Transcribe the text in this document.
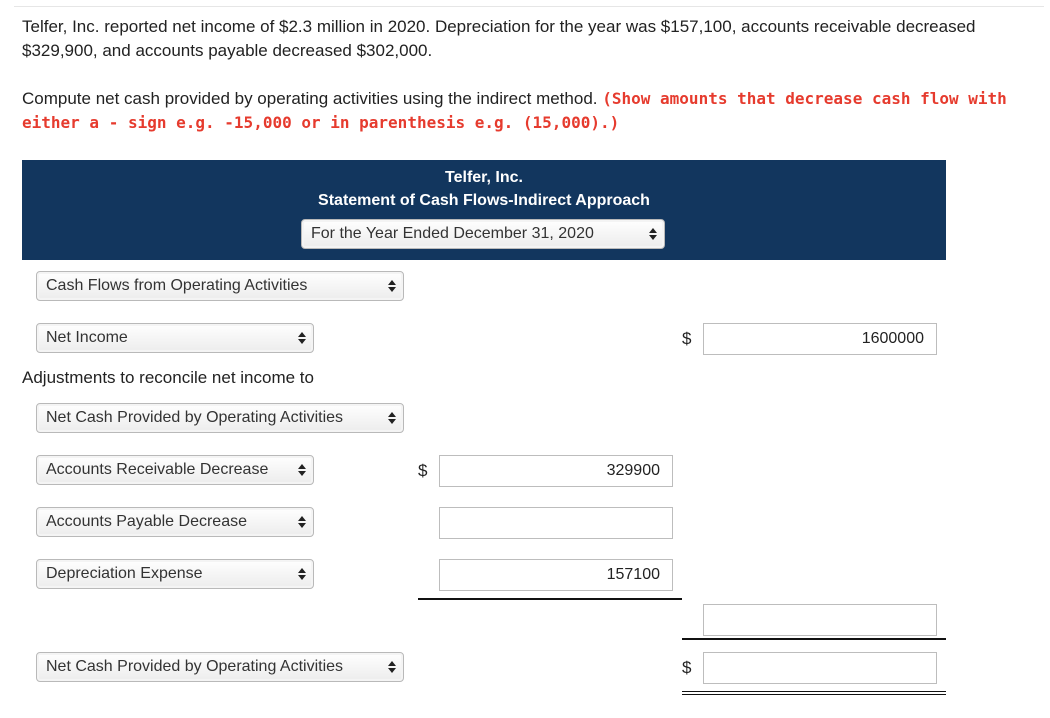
Telfer, Inc. reported net income of $2.3 million in 2020. Depreciation for the year was $157,100, accounts receivable decreased $329,900, and accounts payable decreased $302,000.
Compute net cash provided by operating activities using the indirect method. (Show amounts that decrease cash flow with either a - sign e.g. -15,000 or in parenthesis e.g. (15,000).)
Telfer, Inc.
Statement of Cash Flows-Indirect Approach
For the Year Ended December 31, 2020
Cash Flows from Operating Activities
Net Income	$	1600000
Adjustments to reconcile net income to
Net Cash Provided by Operating Activities
Accounts Receivable Decrease	$	329900
Accounts Payable Decrease
Depreciation Expense	157100
Net Cash Provided by Operating Activities	$
